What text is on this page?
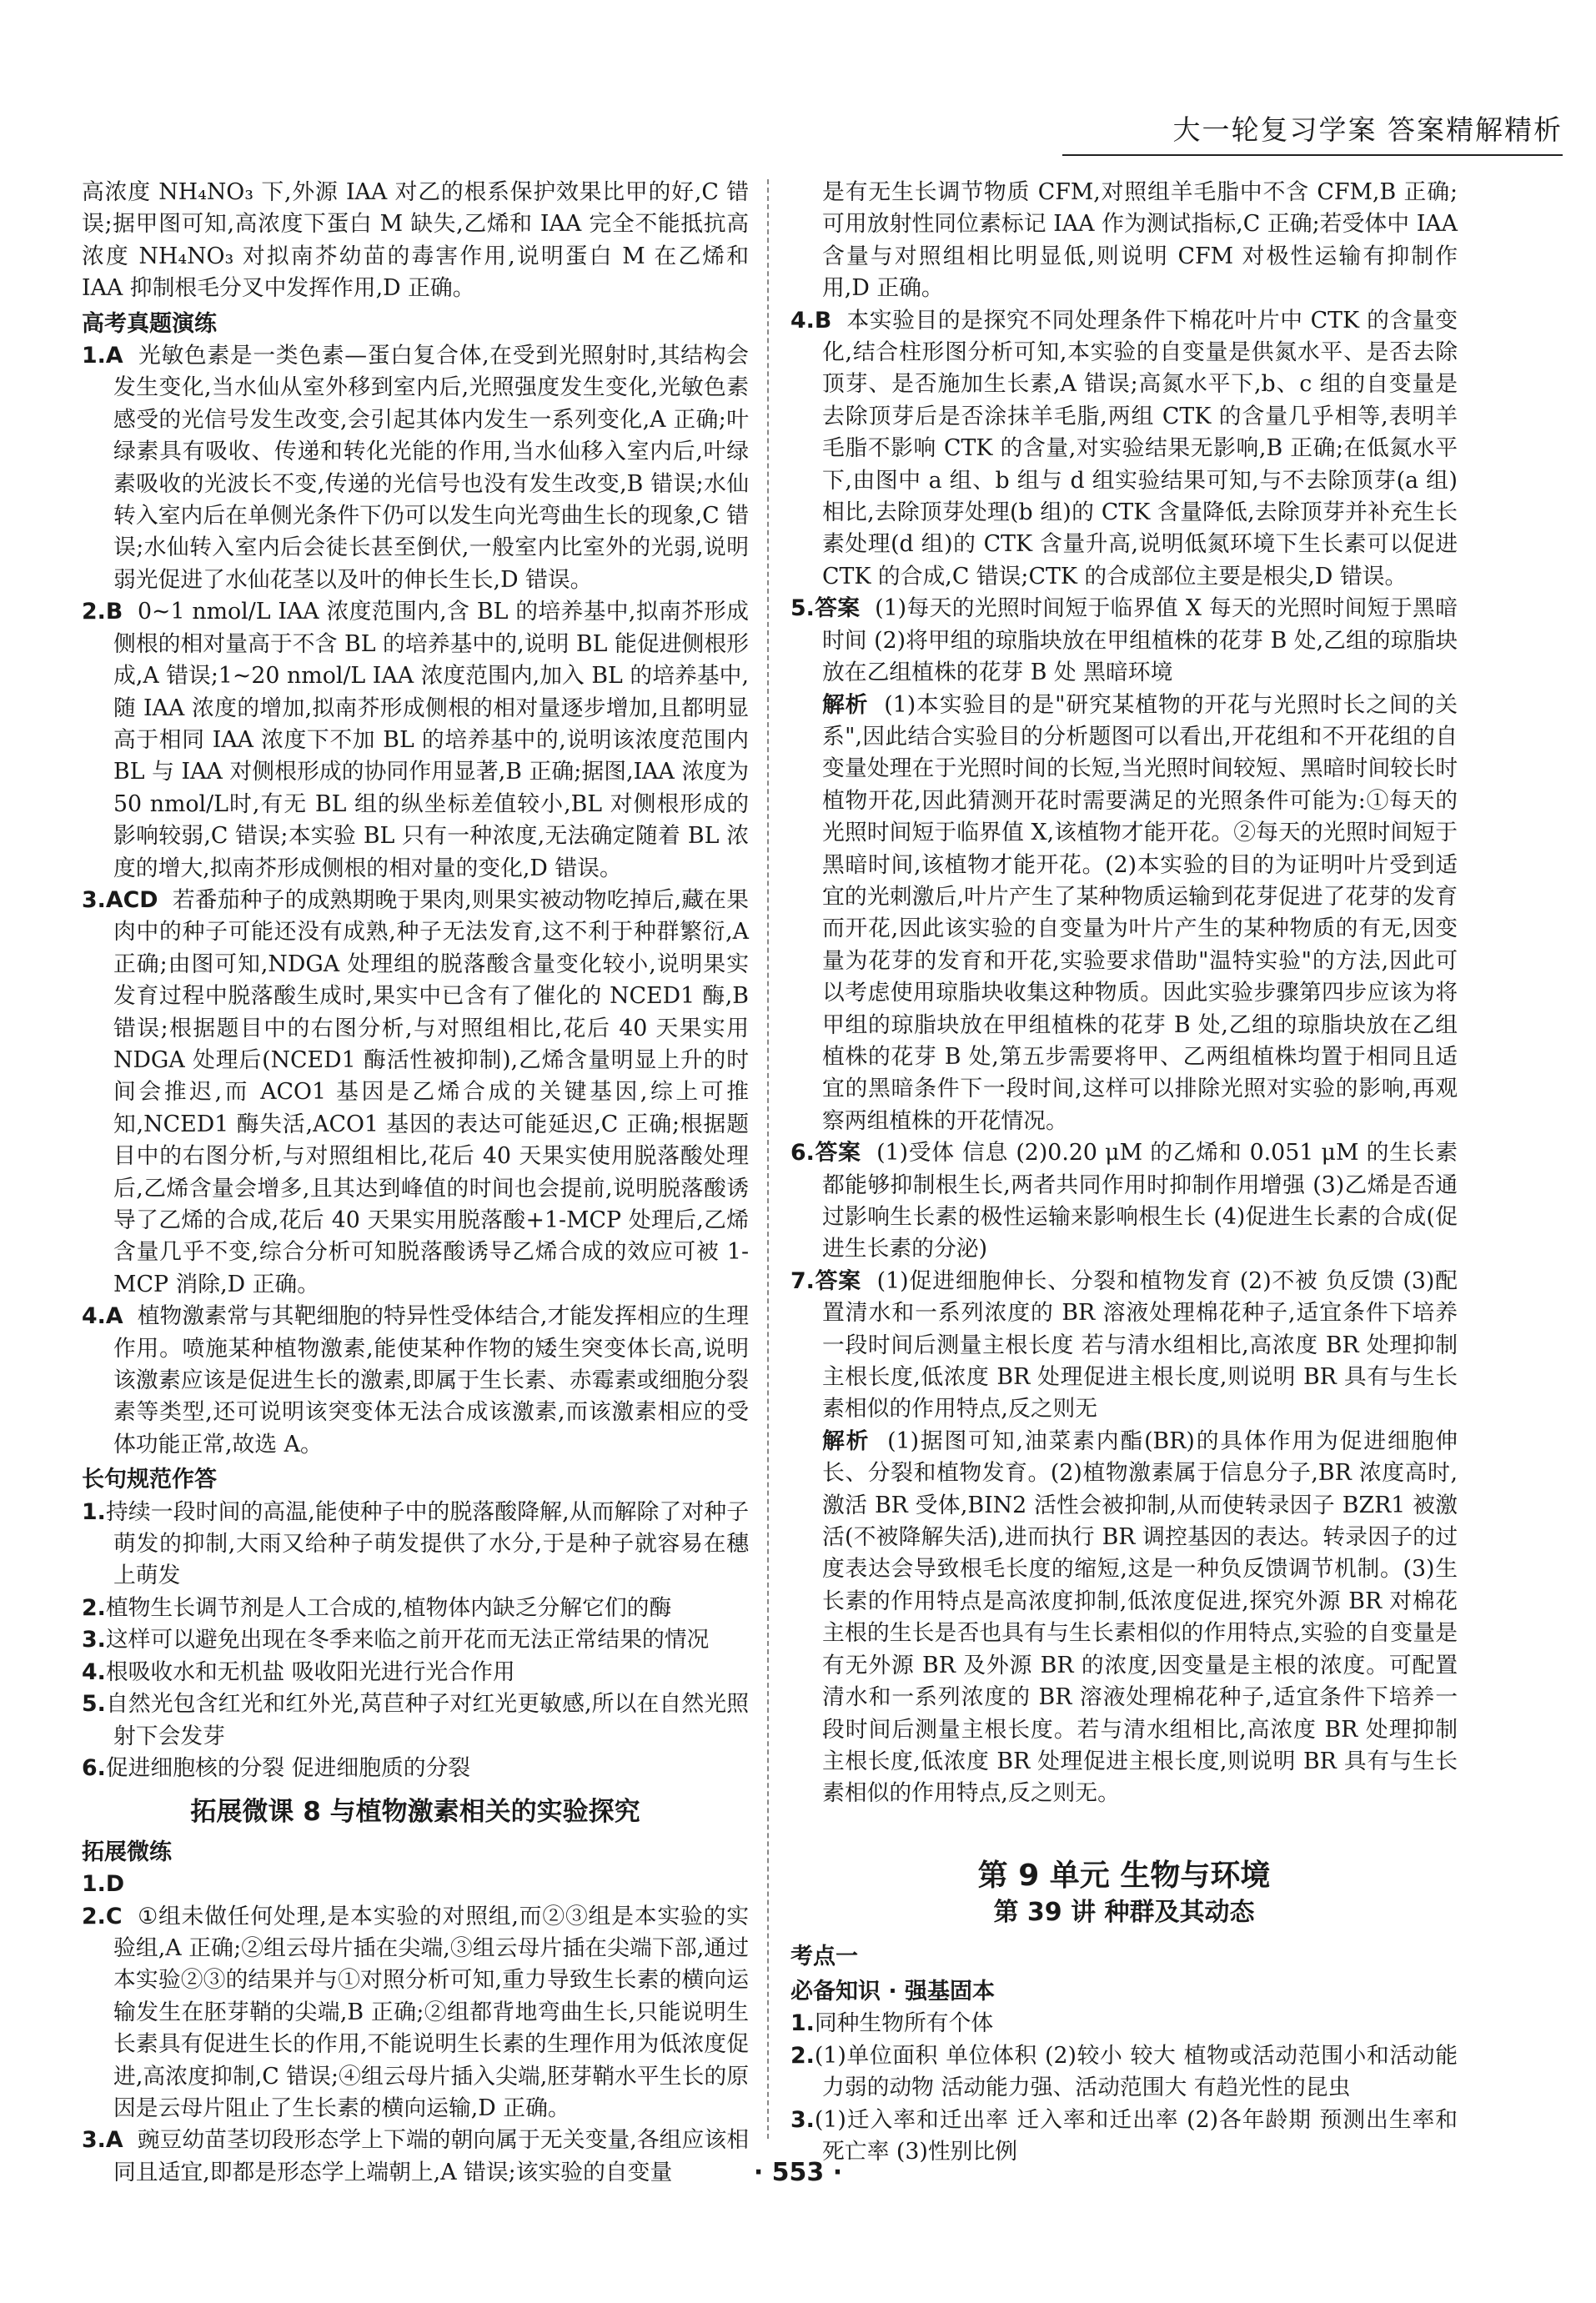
大一轮复习学案 答案精解精析

高浓度 NH₄NO₃ 下,外源 IAA 对乙的根系保护效果比甲的好,C 错误;据甲图可知,高浓度下蛋白 M 缺失,乙烯和 IAA 完全不能抵抗高浓度 NH₄NO₃ 对拟南芥幼苗的毒害作用,说明蛋白 M 在乙烯和 IAA 抑制根毛分叉中发挥作用,D 正确。

高考真题演练

1.A 光敏色素是一类色素—蛋白复合体,在受到光照射时,其结构会发生变化,当水仙从室外移到室内后,光照强度发生变化,光敏色素感受的光信号发生改变,会引起其体内发生一系列变化,A 正确;叶绿素具有吸收、传递和转化光能的作用,当水仙移入室内后,叶绿素吸收的光波长不变,传递的光信号也没有发生改变,B 错误;水仙转入室内后在单侧光条件下仍可以发生向光弯曲生长的现象,C 错误;水仙转入室内后会徒长甚至倒伏,一般室内比室外的光弱,说明弱光促进了水仙花茎以及叶的伸长生长,D 错误。

2.B 0~1 nmol/L IAA 浓度范围内,含 BL 的培养基中,拟南芥形成侧根的相对量高于不含 BL 的培养基中的,说明 BL 能促进侧根形成,A 错误;1~20 nmol/L IAA 浓度范围内,加入 BL 的培养基中,随 IAA 浓度的增加,拟南芥形成侧根的相对量逐步增加,且都明显高于相同 IAA 浓度下不加 BL 的培养基中的,说明该浓度范围内 BL 与 IAA 对侧根形成的协同作用显著,B 正确;据图,IAA 浓度为 50 nmol/L时,有无 BL 组的纵坐标差值较小,BL 对侧根形成的影响较弱,C 错误;本实验 BL 只有一种浓度,无法确定随着 BL 浓度的增大,拟南芥形成侧根的相对量的变化,D 错误。

3.ACD 若番茄种子的成熟期晚于果肉,则果实被动物吃掉后,藏在果肉中的种子可能还没有成熟,种子无法发育,这不利于种群繁衍,A 正确;由图可知,NDGA 处理组的脱落酸含量变化较小,说明果实发育过程中脱落酸生成时,果实中已含有了催化的 NCED1 酶,B 错误;根据题目中的右图分析,与对照组相比,花后 40 天果实用 NDGA 处理后(NCED1 酶活性被抑制),乙烯含量明显上升的时间会推迟,而 ACO1 基因是乙烯合成的关键基因,综上可推知,NCED1 酶失活,ACO1 基因的表达可能延迟,C 正确;根据题目中的右图分析,与对照组相比,花后 40 天果实使用脱落酸处理后,乙烯含量会增多,且其达到峰值的时间也会提前,说明脱落酸诱导了乙烯的合成,花后 40 天果实用脱落酸+1-MCP 处理后,乙烯含量几乎不变,综合分析可知脱落酸诱导乙烯合成的效应可被 1-MCP 消除,D 正确。

4.A 植物激素常与其靶细胞的特异性受体结合,才能发挥相应的生理作用。喷施某种植物激素,能使某种作物的矮生突变体长高,说明该激素应该是促进生长的激素,即属于生长素、赤霉素或细胞分裂素等类型,还可说明该突变体无法合成该激素,而该激素相应的受体功能正常,故选 A。

长句规范作答

1.持续一段时间的高温,能使种子中的脱落酸降解,从而解除了对种子萌发的抑制,大雨又给种子萌发提供了水分,于是种子就容易在穗上萌发

2.植物生长调节剂是人工合成的,植物体内缺乏分解它们的酶

3.这样可以避免出现在冬季来临之前开花而无法正常结果的情况

4.根吸收水和无机盐 吸收阳光进行光合作用

5.自然光包含红光和红外光,莴苣种子对红光更敏感,所以在自然光照射下会发芽

6.促进细胞核的分裂 促进细胞质的分裂

拓展微课 8 与植物激素相关的实验探究

拓展微练

1.D

2.C ①组未做任何处理,是本实验的对照组,而②③组是本实验的实验组,A 正确;②组云母片插在尖端,③组云母片插在尖端下部,通过本实验②③的结果并与①对照分析可知,重力导致生长素的横向运输发生在胚芽鞘的尖端,B 正确;②组都背地弯曲生长,只能说明生长素具有促进生长的作用,不能说明生长素的生理作用为低浓度促进,高浓度抑制,C 错误;④组云母片插入尖端,胚芽鞘水平生长的原因是云母片阻止了生长素的横向运输,D 正确。

3.A 豌豆幼苗茎切段形态学上下端的朝向属于无关变量,各组应该相同且适宜,即都是形态学上端朝上,A 错误;该实验的自变量

是有无生长调节物质 CFM,对照组羊毛脂中不含 CFM,B 正确;可用放射性同位素标记 IAA 作为测试指标,C 正确;若受体中 IAA 含量与对照组相比明显低,则说明 CFM 对极性运输有抑制作用,D 正确。

4.B 本实验目的是探究不同处理条件下棉花叶片中 CTK 的含量变化,结合柱形图分析可知,本实验的自变量是供氮水平、是否去除顶芽、是否施加生长素,A 错误;高氮水平下,b、c 组的自变量是去除顶芽后是否涂抹羊毛脂,两组 CTK 的含量几乎相等,表明羊毛脂不影响 CTK 的含量,对实验结果无影响,B 正确;在低氮水平下,由图中 a 组、b 组与 d 组实验结果可知,与不去除顶芽(a 组)相比,去除顶芽处理(b 组)的 CTK 含量降低,去除顶芽并补充生长素处理(d 组)的 CTK 含量升高,说明低氮环境下生长素可以促进 CTK 的合成,C 错误;CTK 的合成部位主要是根尖,D 错误。

5.答案 (1)每天的光照时间短于临界值 X 每天的光照时间短于黑暗时间 (2)将甲组的琼脂块放在甲组植株的花芽 B 处,乙组的琼脂块放在乙组植株的花芽 B 处 黑暗环境

解析 (1)本实验目的是"研究某植物的开花与光照时长之间的关系",因此结合实验目的分析题图可以看出,开花组和不开花组的自变量处理在于光照时间的长短,当光照时间较短、黑暗时间较长时植物开花,因此猜测开花时需要满足的光照条件可能为:①每天的光照时间短于临界值 X,该植物才能开花。②每天的光照时间短于黑暗时间,该植物才能开花。(2)本实验的目的为证明叶片受到适宜的光刺激后,叶片产生了某种物质运输到花芽促进了花芽的发育而开花,因此该实验的自变量为叶片产生的某种物质的有无,因变量为花芽的发育和开花,实验要求借助"温特实验"的方法,因此可以考虑使用琼脂块收集这种物质。因此实验步骤第四步应该为将甲组的琼脂块放在甲组植株的花芽 B 处,乙组的琼脂块放在乙组植株的花芽 B 处,第五步需要将甲、乙两组植株均置于相同且适宜的黑暗条件下一段时间,这样可以排除光照对实验的影响,再观察两组植株的开花情况。

6.答案 (1)受体 信息 (2)0.20 μM 的乙烯和 0.051 μM 的生长素都能够抑制根生长,两者共同作用时抑制作用增强 (3)乙烯是否通过影响生长素的极性运输来影响根生长 (4)促进生长素的合成(促进生长素的分泌)

7.答案 (1)促进细胞伸长、分裂和植物发育 (2)不被 负反馈 (3)配置清水和一系列浓度的 BR 溶液处理棉花种子,适宜条件下培养一段时间后测量主根长度 若与清水组相比,高浓度 BR 处理抑制主根长度,低浓度 BR 处理促进主根长度,则说明 BR 具有与生长素相似的作用特点,反之则无

解析 (1)据图可知,油菜素内酯(BR)的具体作用为促进细胞伸长、分裂和植物发育。(2)植物激素属于信息分子,BR 浓度高时,激活 BR 受体,BIN2 活性会被抑制,从而使转录因子 BZR1 被激活(不被降解失活),进而执行 BR 调控基因的表达。转录因子的过度表达会导致根毛长度的缩短,这是一种负反馈调节机制。(3)生长素的作用特点是高浓度抑制,低浓度促进,探究外源 BR 对棉花主根的生长是否也具有与生长素相似的作用特点,实验的自变量是有无外源 BR 及外源 BR 的浓度,因变量是主根的浓度。可配置清水和一系列浓度的 BR 溶液处理棉花种子,适宜条件下培养一段时间后测量主根长度。若与清水组相比,高浓度 BR 处理抑制主根长度,低浓度 BR 处理促进主根长度,则说明 BR 具有与生长素相似的作用特点,反之则无。

第 9 单元 生物与环境

第 39 讲 种群及其动态

考点一

必备知识 · 强基固本

1.同种生物所有个体

2.(1)单位面积 单位体积 (2)较小 较大 植物或活动范围小和活动能力弱的动物 活动能力强、活动范围大 有趋光性的昆虫

3.(1)迁入率和迁出率 迁入率和迁出率 (2)各年龄期 预测出生率和死亡率 (3)性别比例

· 553 ·
